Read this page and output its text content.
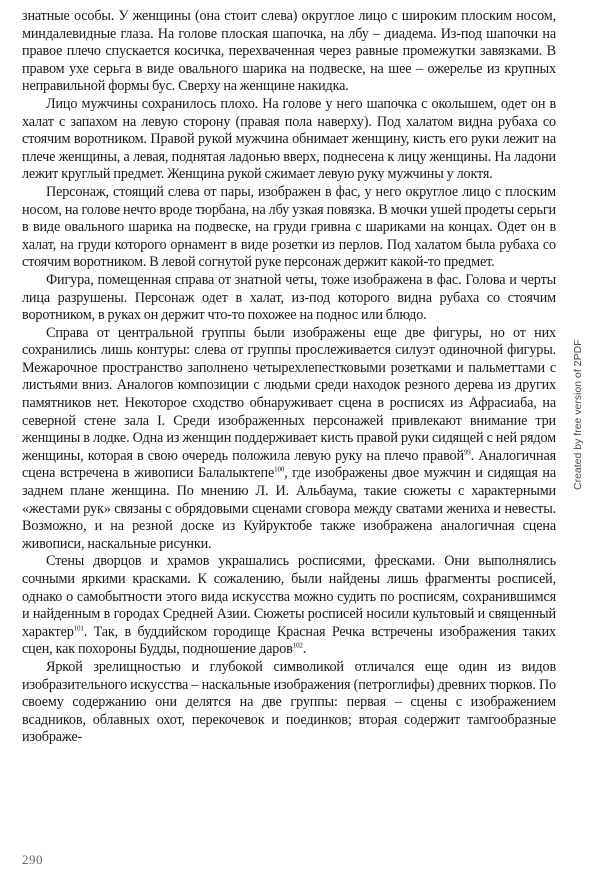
знатные особы. У женщины (она стоит слева) округлое лицо с широким плоским носом, миндалевидные глаза. На голове плоская шапочка, на лбу – диадема. Из-под шапочки на правое плечо спускается косичка, перехваченная через равные промежутки завязками. В правом ухе серьга в виде овального шарика на подвеске, на шее – ожерелье из крупных неправильной формы бус. Сверху на женщине накидка.

Лицо мужчины сохранилось плохо. На голове у него шапочка с околышем, одет он в халат с запахом на левую сторону (правая пола наверху). Под халатом видна рубаха со стоячим воротником. Правой рукой мужчина обнимает женщину, кисть его руки лежит на плече женщины, а левая, поднятая ладонью вверх, поднесена к лицу женщины. На ладони лежит круглый предмет. Женщина рукой сжимает левую руку мужчины у локтя.

Персонаж, стоящий слева от пары, изображен в фас, у него округлое лицо с плоским носом, на голове нечто вроде тюрбана, на лбу узкая повязка. В мочки ушей продеты серьги в виде овального шарика на подвеске, на груди гривна с шариками на концах. Одет он в халат, на груди которого орнамент в виде розетки из перлов. Под халатом была рубаха со стоячим воротником. В левой согнутой руке персонаж держит какой-то предмет.

Фигура, помещенная справа от знатной четы, тоже изображена в фас. Голова и черты лица разрушены. Персонаж одет в халат, из-под которого видна рубаха со стоячим воротником, в руках он держит что-то похожее на поднос или блюдо.

Справа от центральной группы были изображены еще две фигуры, но от них сохранились лишь контуры: слева от группы прослеживается силуэт одиночной фигуры. Межарочное пространство заполнено четырехлепестковыми розетками и пальметтами с листьями вниз. Аналогов композиции с людьми среди находок резного дерева из других памятников нет. Некоторое сходство обнаруживает сцена в росписях из Афрасиаба, на северной стене зала I. Среди изображенных персонажей привлекают внимание три женщины в лодке. Одна из женщин поддерживает кисть правой руки сидящей с ней рядом женщины, которая в свою очередь положила левую руку на плечо правой$^{99}$. Аналогичная сцена встречена в живописи Балалыктепе$^{100}$, где изображены двое мужчин и сидящая на заднем плане женщина. По мнению Л. И. Альбаума, такие сюжеты с характерными «жестами рук» связаны с обрядовыми сценами сговора между сватами жениха и невесты. Возможно, и на резной доске из Куйруктобе также изображена аналогичная сцена живописи, наскальные рисунки.

Стены дворцов и храмов украшались росписями, фресками. Они выполнялись сочными яркими красками. К сожалению, были найдены лишь фрагменты росписей, однако о самобытности этого вида искусства можно судить по росписям, сохранившимся и найденным в городах Средней Азии. Сюжеты росписей носили культовый и священный характер$^{101}$. Так, в буддийском городище Красная Речка встречены изображения таких сцен, как похороны Будды, подношение даров$^{102}$.

Яркой зрелищностью и глубокой символикой отличался еще один из видов изобразительного искусства – наскальные изображения (петроглифы) древних тюрков. По своему содержанию они делятся на две группы: первая – сцены с изображением всадников, облавных охот, перекочевок и поединков; вторая содержит тамгообразные изображе-

290
Created by free version of 2PDF
